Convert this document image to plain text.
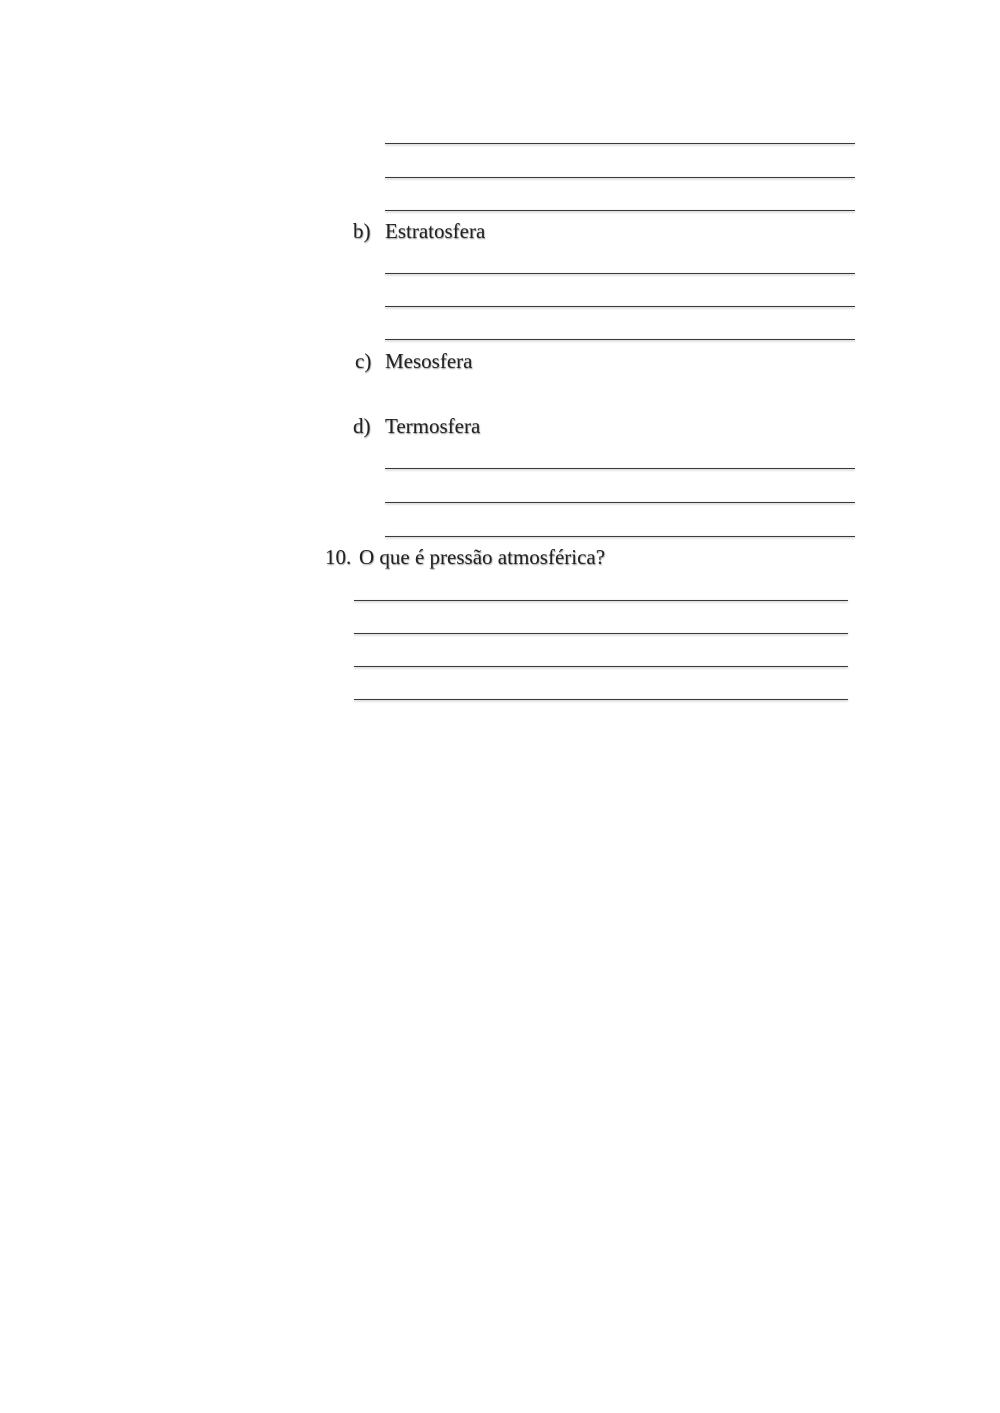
b) Estratosfera
c) Mesosfera
d) Termosfera
10. O que é pressão atmosférica?
